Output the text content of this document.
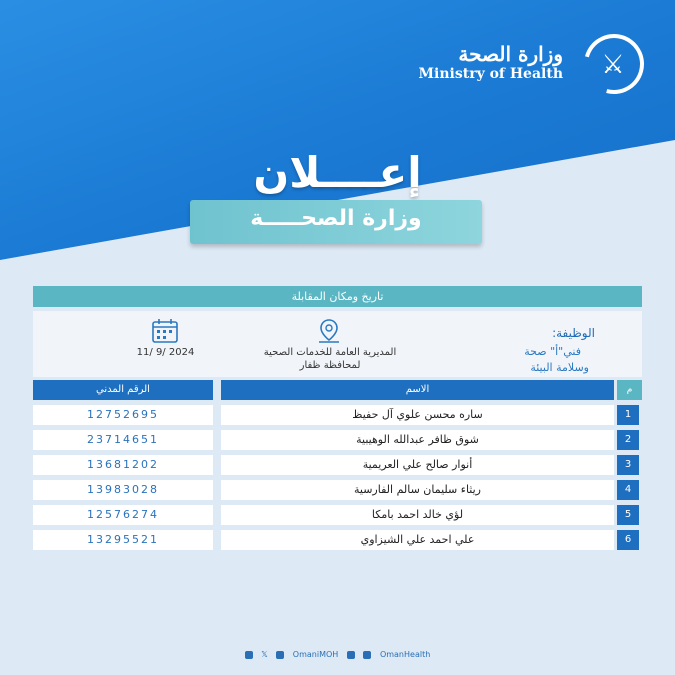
⚔
وزارة الصحة
Ministry of Health
إعــــلان
وزارة الصحـــــة
تاريخ ومكان المقابلة
الوظيفة:
فني"أ" صحة
وسلامة البيئة
المديرية العامة للخدمات الصحية
لمحافظة ظفار
11/ 9/ 2024
الرقم المدني	الاسم	م
12752695	ساره محسن علوي آل حفيظ	1
23714651	شوق ظافر عبدالله الوهيبية	2
13681202	أنوار صالح علي العريمية	3
13983028	ريثاء سليمان سالم الفارسية	4
12576274	لؤي خالد احمد بامكا	5
13295521	علي احمد علي الشيزاوي	6
𝕏	OmaniMOH	OmanHealth
